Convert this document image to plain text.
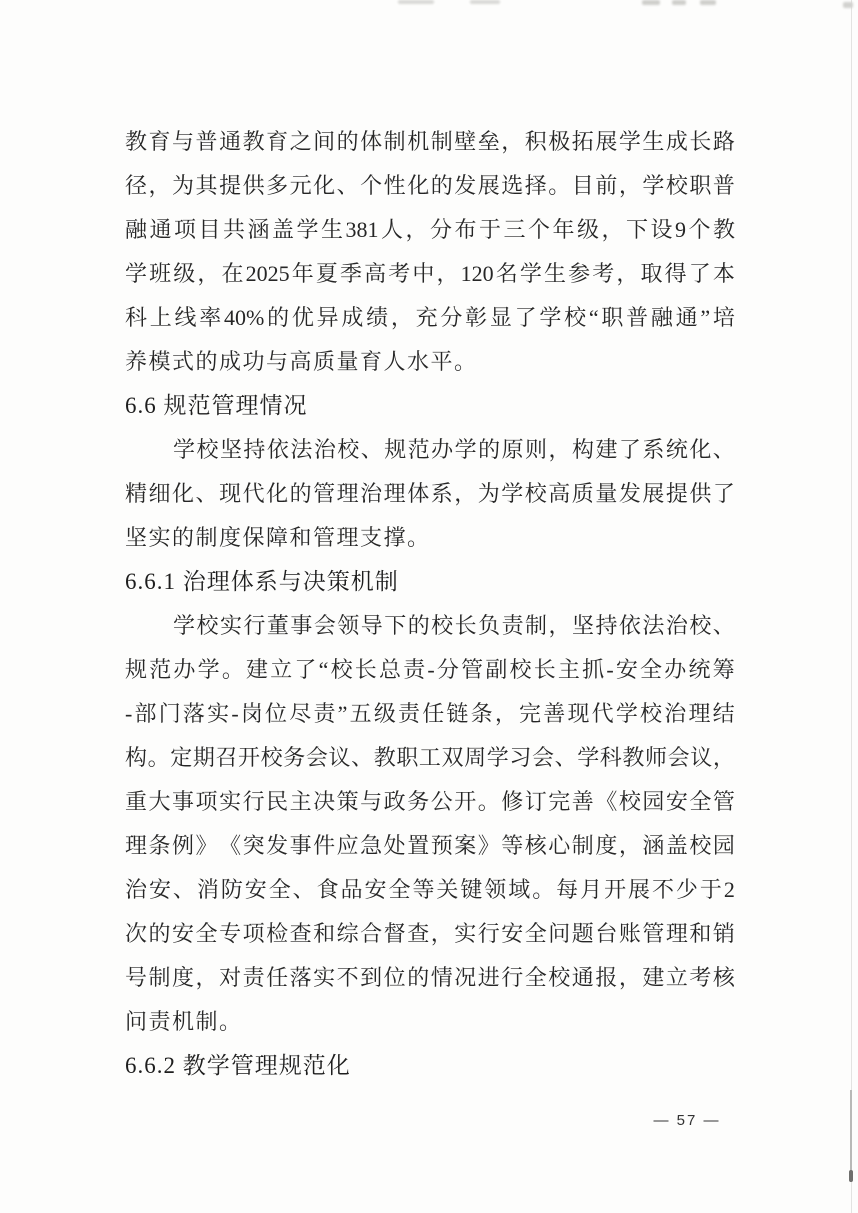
教 育 与 普 通 教 育 之 间 的 体 制 机 制 壁 垒 ， 积 极 拓 展 学 生 成 长 路
径 ， 为 其 提 供 多 元 化 、 个 性 化 的 发 展 选 择 。 目 前 ， 学 校 职 普
融 通 项 目 共 涵 盖 学 生 381 人 ， 分 布 于 三 个 年 级 ， 下 设 9 个 教
学 班 级 ， 在 2025 年 夏 季 高 考 中 ， 120 名 学 生 参 考 ， 取 得 了 本
科 上 线 率 40% 的 优 异 成 绩 ， 充 分 彰 显 了 学 校 “ 职 普 融 通 ” 培
养模式的成功与高质量育人水平。
6.6 规范管理情况
学 校 坚 持 依 法 治 校 、 规 范 办 学 的 原 则 ， 构 建 了 系 统 化 、
精 细 化 、 现 代 化 的 管 理 治 理 体 系 ， 为 学 校 高 质 量 发 展 提 供 了
坚实的制度保障和管理支撑。
6.6.1 治理体系与决策机制
学 校 实 行 董 事 会 领 导 下 的 校 长 负 责 制 ， 坚 持 依 法 治 校 、
规 范 办 学 。 建 立 了 “ 校 长 总 责 - 分 管 副 校 长 主 抓 - 安 全 办 统 筹
- 部 门 落 实 - 岗 位 尽 责 ” 五 级 责 任 链 条 ， 完 善 现 代 学 校 治 理 结
构 。 定 期 召 开 校 务 会 议 、 教 职 工 双 周 学 习 会 、 学 科 教 师 会 议 ，
重 大 事 项 实 行 民 主 决 策 与 政 务 公 开 。 修 订 完 善 《 校 园 安 全 管
理 条 例 》 《 突 发 事 件 应 急 处 置 预 案 》 等 核 心 制 度 ， 涵 盖 校 园
治 安 、 消 防 安 全 、 食 品 安 全 等 关 键 领 域 。 每 月 开 展 不 少 于 2
次 的 安 全 专 项 检 查 和 综 合 督 查 ， 实 行 安 全 问 题 台 账 管 理 和 销
号 制 度 ， 对 责 任 落 实 不 到 位 的 情 况 进 行 全 校 通 报 ， 建 立 考 核
问责机制。
6.6.2 教学管理规范化
— 57 —
